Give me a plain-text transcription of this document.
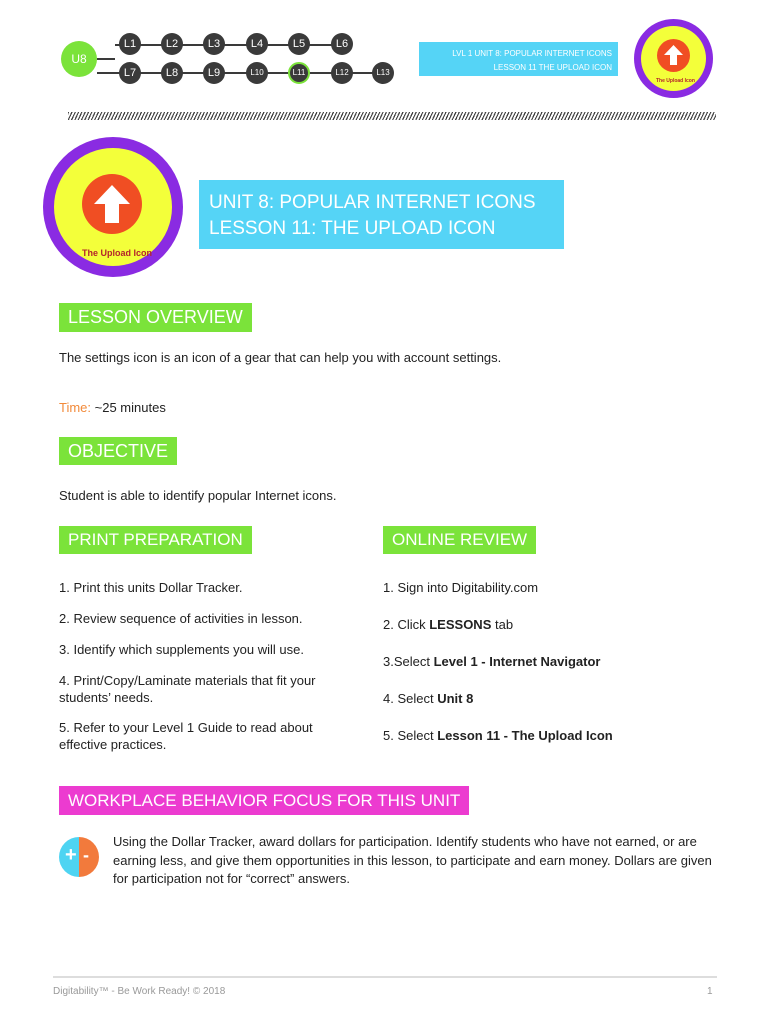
U8
L1	L2	L3	L4	L5	L6
L7	L8	L9	L10	L11	L12	L13
LVL 1 UNIT 8: POPULAR INTERNET ICONS
LESSON 11 THE UPLOAD ICON
The Upload Icon
The Upload Icon
UNIT 8: POPULAR INTERNET ICONS
LESSON 11: THE UPLOAD ICON
LESSON OVERVIEW
The settings icon is an icon of a gear that can help you with account settings.
Time: ~25 minutes
OBJECTIVE
Student is able to identify popular Internet icons.
PRINT PREPARATION
1. Print this units Dollar Tracker.
2. Review sequence of activities in lesson.
3. Identify which supplements you will use.
4. Print/Copy/Laminate materials that fit your students’ needs.
5. Refer to your Level 1 Guide to read about effective practices.
ONLINE REVIEW
1. Sign into Digitability.com
2. Click LESSONS tab
3.Select Level 1 - Internet Navigator
4. Select Unit 8
5. Select Lesson 11 - The Upload Icon
WORKPLACE BEHAVIOR FOCUS FOR THIS UNIT
+ -
Using the Dollar Tracker, award dollars for participation. Identify students who have not earned, or are earning less, and give them opportunities in this lesson, to participate and earn money. Dollars are given for participation not for “correct” answers.
Digitability™ - Be Work Ready! © 2018	1
